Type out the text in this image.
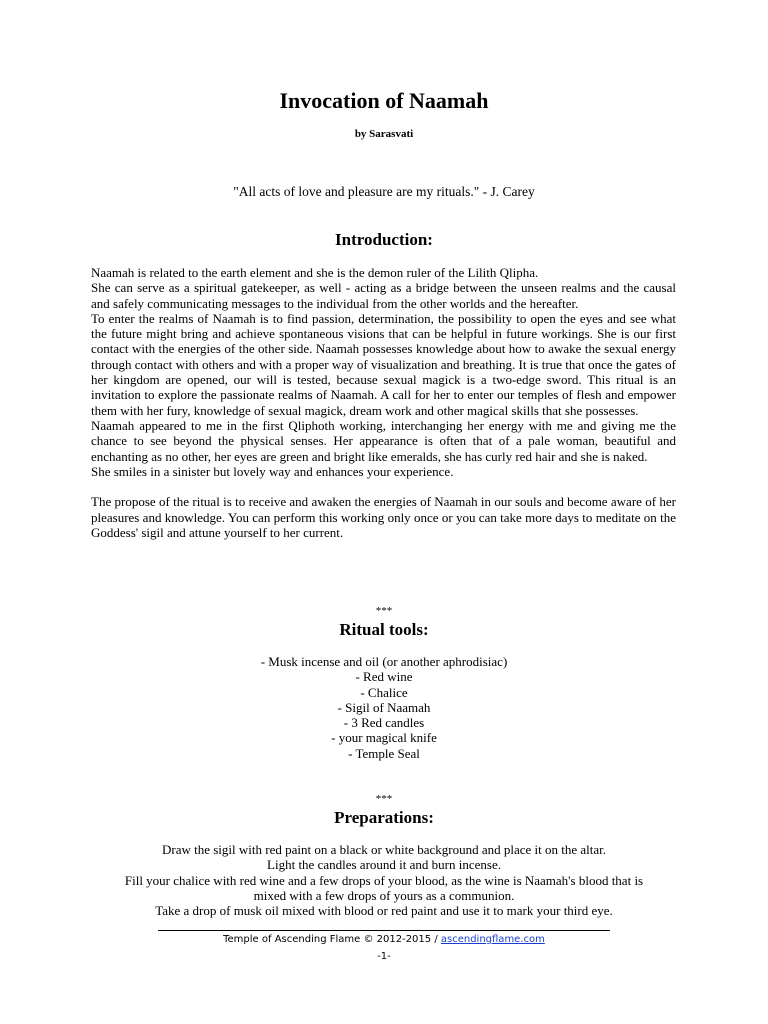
Invocation of Naamah
by Sarasvati
"All acts of love and pleasure are my rituals." - J. Carey
Introduction:

Naamah is related to the earth element and she is the demon ruler of the Lilith Qlipha.

She can serve as a spiritual gatekeeper, as well - acting as a bridge between the unseen realms and the causal and safely communicating messages to the individual from the other worlds and the hereafter.

To enter the realms of Naamah is to find passion, determination, the possibility to open the eyes and see what the future might bring and achieve spontaneous visions that can be helpful in future workings. She is our first contact with the energies of the other side. Naamah possesses knowledge about how to awake the sexual energy through contact with others and with a proper way of visualization and breathing. It is true that once the gates of her kingdom are opened, our will is tested, because sexual magick is a two-edge sword. This ritual is an invitation to explore the passionate realms of Naamah. A call for her to enter our temples of flesh and empower them with her fury, knowledge of sexual magick, dream work and other magical skills that she possesses.

Naamah appeared to me in the first Qliphoth working, interchanging her energy with me and giving me the chance to see beyond the physical senses. Her appearance is often that of a pale woman, beautiful and enchanting as no other, her eyes are green and bright like emeralds, she has curly red hair and she is naked.

She smiles in a sinister but lovely way and enhances your experience.

The propose of the ritual is to receive and awaken the energies of Naamah in our souls and become aware of her pleasures and knowledge. You can perform this working only once or you can take more days to meditate on the Goddess' sigil and attune yourself to her current.

***
Ritual tools:
- Musk incense and oil (or another aphrodisiac)
- Red wine
- Chalice
- Sigil of Naamah
- 3 Red candles
- your magical knife
- Temple Seal
***
Preparations:
Draw the sigil with red paint on a black or white background and place it on the altar.
Light the candles around it and burn incense.
Fill your chalice with red wine and a few drops of your blood, as the wine is Naamah's blood that is
mixed with a few drops of yours as a communion.
Take a drop of musk oil mixed with blood or red paint and use it to mark your third eye.
Temple of Ascending Flame © 2012-2015 / ascendingflame.com
-1-
